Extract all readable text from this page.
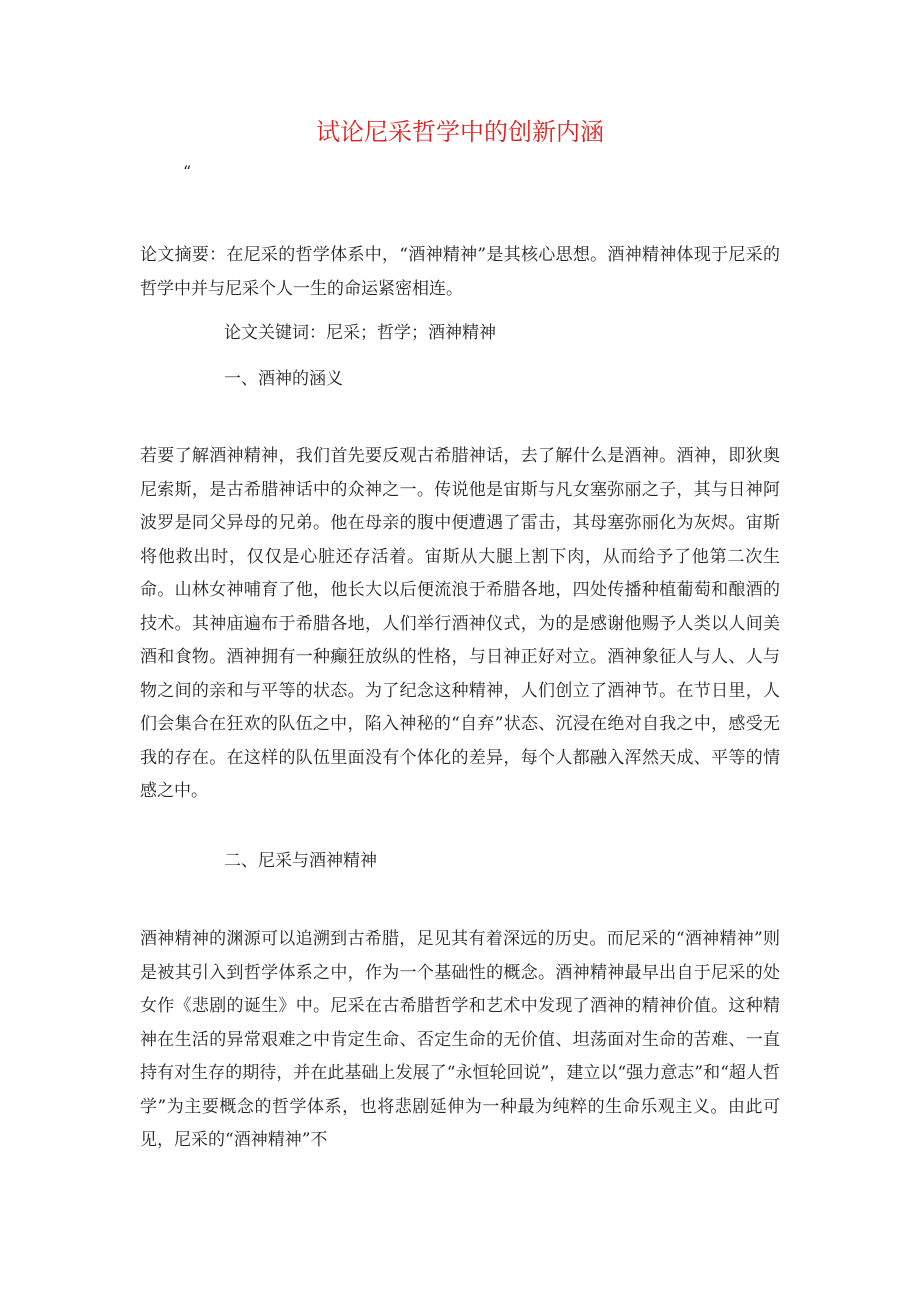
试论尼采哲学中的创新内涵

“

论文摘要：在尼采的哲学体系中，“酒神精神”是其核心思想。酒神精神体现于尼采的哲学中并与尼采个人一生的命运紧密相连。

论文关键词：尼采；哲学；酒神精神

一、酒神的涵义

若要了解酒神精神，我们首先要反观古希腊神话，去了解什么是酒神。酒神，即狄奥尼索斯，是古希腊神话中的众神之一。传说他是宙斯与凡女塞弥丽之子，其与日神阿波罗是同父异母的兄弟。他在母亲的腹中便遭遇了雷击，其母塞弥丽化为灰烬。宙斯将他救出时，仅仅是心脏还存活着。宙斯从大腿上割下肉，从而给予了他第二次生命。山林女神哺育了他，他长大以后便流浪于希腊各地，四处传播种植葡萄和酿酒的技术。其神庙遍布于希腊各地，人们举行酒神仪式，为的是感谢他赐予人类以人间美酒和食物。酒神拥有一种癫狂放纵的性格，与日神正好对立。酒神象征人与人、人与物之间的亲和与平等的状态。为了纪念这种精神，人们创立了酒神节。在节日里，人们会集合在狂欢的队伍之中，陷入神秘的“自弃”状态、沉浸在绝对自我之中，感受无我的存在。在这样的队伍里面没有个体化的差异，每个人都融入浑然天成、平等的情感之中。

二、尼采与酒神精神

酒神精神的渊源可以追溯到古希腊，足见其有着深远的历史。而尼采的“酒神精神”则是被其引入到哲学体系之中，作为一个基础性的概念。酒神精神最早出自于尼采的处女作《悲剧的诞生》中。尼采在古希腊哲学和艺术中发现了酒神的精神价值。这种精神在生活的异常艰难之中肯定生命、否定生命的无价值、坦荡面对生命的苦难、一直持有对生存的期待，并在此基础上发展了“永恒轮回说”，建立以“强力意志”和“超人哲学”为主要概念的哲学体系，也将悲剧延伸为一种最为纯粹的生命乐观主义。由此可见，尼采的“酒神精神”不
